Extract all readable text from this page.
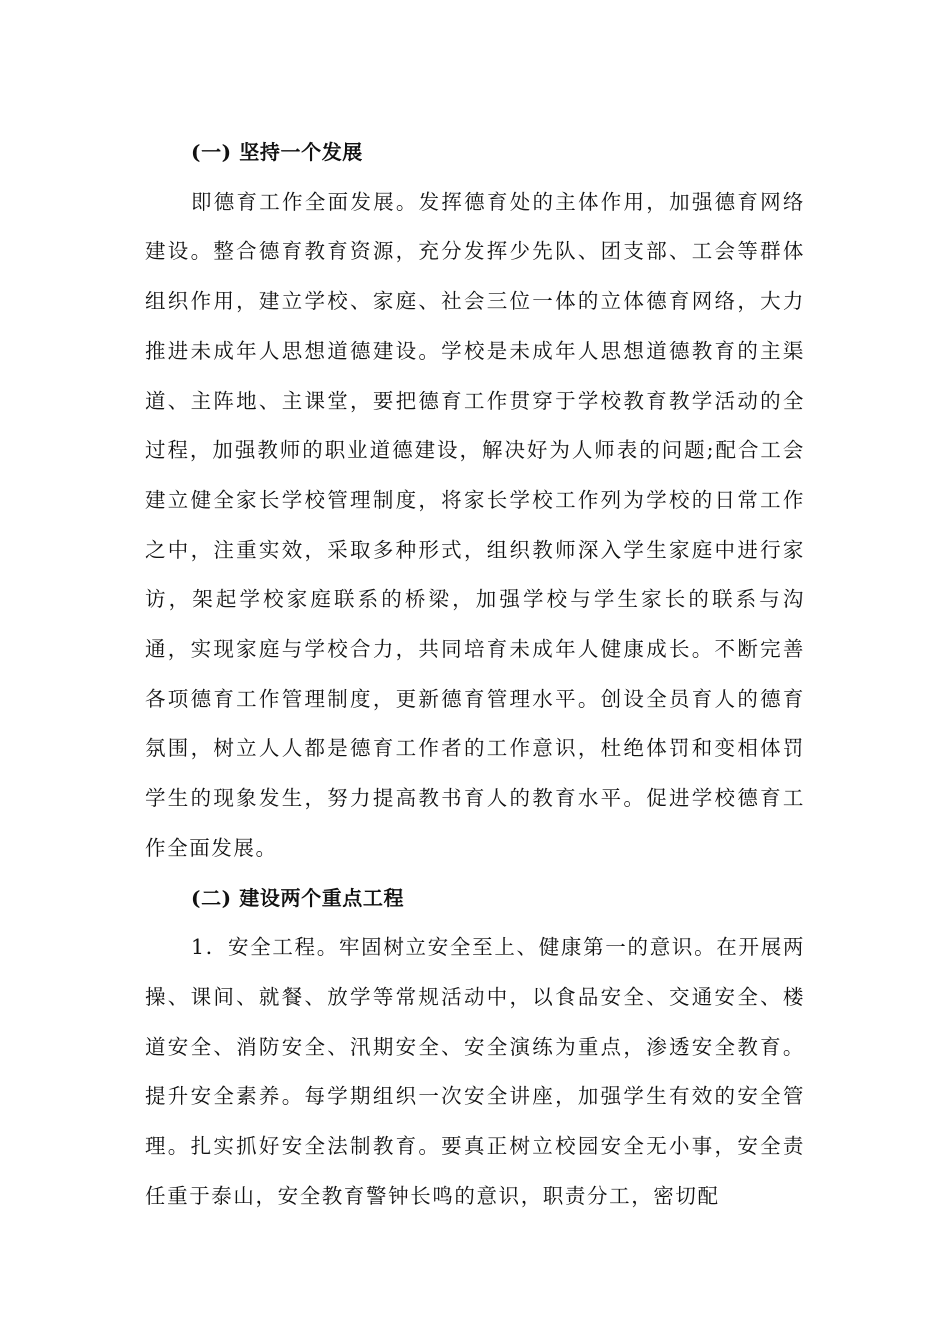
(一) 坚持一个发展

即德育工作全面发展。发挥德育处的主体作用，加强德育网络建设。整合德育教育资源，充分发挥少先队、团支部、工会等群体组织作用，建立学校、家庭、社会三位一体的立体德育网络，大力推进未成年人思想道德建设。学校是未成年人思想道德教育的主渠道、主阵地、主课堂，要把德育工作贯穿于学校教育教学活动的全过程，加强教师的职业道德建设，解决好为人师表的问题;配合工会建立健全家长学校管理制度，将家长学校工作列为学校的日常工作之中，注重实效，采取多种形式，组织教师深入学生家庭中进行家访，架起学校家庭联系的桥梁，加强学校与学生家长的联系与沟通，实现家庭与学校合力，共同培育未成年人健康成长。不断完善各项德育工作管理制度，更新德育管理水平。创设全员育人的德育氛围，树立人人都是德育工作者的工作意识，杜绝体罚和变相体罚学生的现象发生，努力提高教书育人的教育水平。促进学校德育工作全面发展。

(二) 建设两个重点工程

1．安全工程。牢固树立安全至上、健康第一的意识。在开展两操、课间、就餐、放学等常规活动中，以食品安全、交通安全、楼道安全、消防安全、汛期安全、安全演练为重点，渗透安全教育。提升安全素养。每学期组织一次安全讲座，加强学生有效的安全管理。扎实抓好安全法制教育。要真正树立校园安全无小事，安全责任重于泰山，安全教育警钟长鸣的意识，职责分工，密切配
